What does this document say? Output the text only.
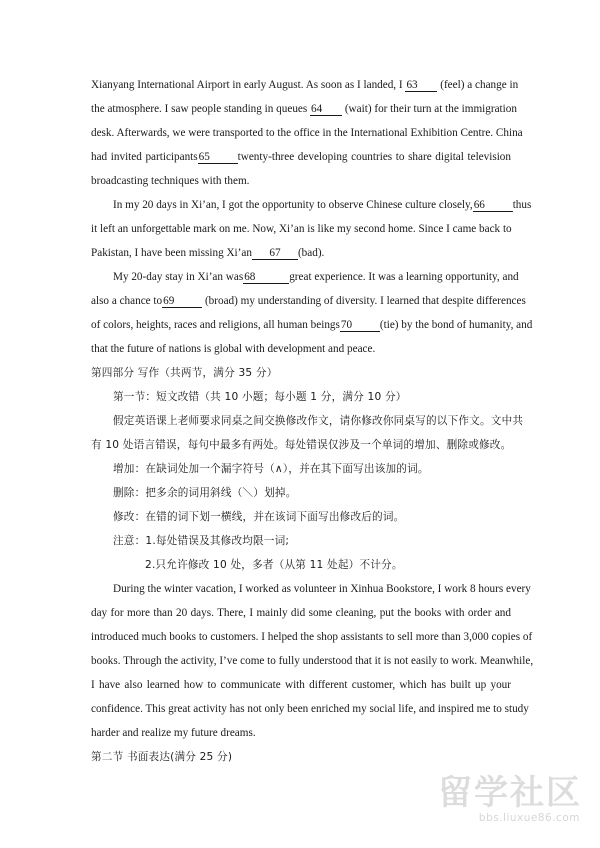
Xianyang International Airport in early August. As soon as I landed, I 63 (feel) a change in
the atmosphere. I saw people standing in queues 64 (wait) for their turn at the immigration
desk. Afterwards, we were transported to the office in the International Exhibition Centre. China
had invited participants65 twenty-three developing countries to share digital television
broadcasting techniques with them.
In my 20 days in Xi’an, I got the opportunity to observe Chinese culture closely,66 thus
it left an unforgettable mark on me. Now, Xi’an is like my second home. Since I came back to
Pakistan, I have been missing Xi’an 67 (bad).
My 20-day stay in Xi’an was68	great experience. It was a learning opportunity, and
also a chance to69	(broad) my understanding of diversity. I learned that despite differences
of colors, heights, races and religions, all human beings70 (tie) by the bond of humanity, and
that the future of nations is global with development and peace.
第四部分 写作（共两节，满分 35 分）
第一节：短文改错（共 10 小题；每小题 1 分，满分 10 分）
假定英语课上老师要求同桌之间交换修改作文，请你修改你同桌写的以下作文。文中共
有 10 处语言错误，每句中最多有两处。每处错误仅涉及一个单词的增加、删除或修改。
增加：在缺词处加一个漏字符号（∧），并在其下面写出该加的词。
删除：把多余的词用斜线（＼）划掉。
修改：在错的词下划一横线，并在该词下面写出修改后的词。
注意：1.每处错误及其修改均限一词;
2.只允许修改 10 处，多者（从第 11 处起）不计分。
During the winter vacation, I worked as volunteer in Xinhua Bookstore, I work 8 hours every
day for more than 20 days. There, I mainly did some cleaning, put the books with order and
introduced much books to customers. I helped the shop assistants to sell more than 3,000 copies of
books. Through the activity, I’ve come to fully understood that it is not easily to work. Meanwhile,
I have also learned how to communicate with different customer, which has built up your
confidence. This great activity has not only been enriched my social life, and inspired me to study
harder and realize my future dreams.
第二节 书面表达(满分 25 分)
留学社区
bbs.liuxue86.com
